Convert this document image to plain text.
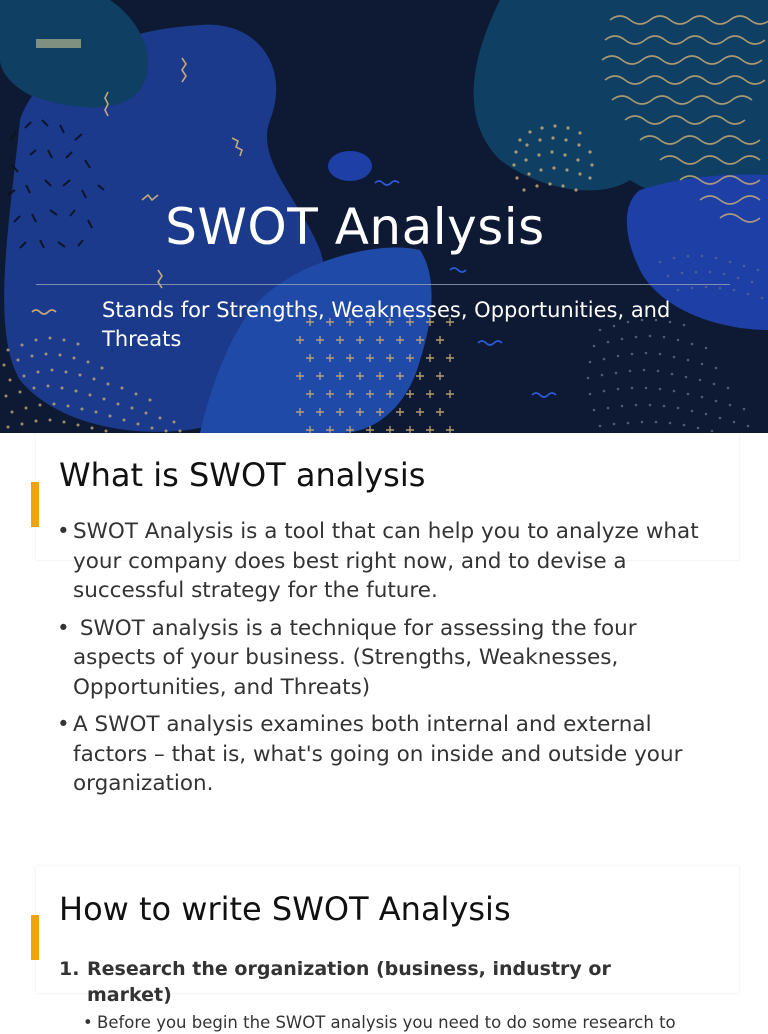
SWOT Analysis
Stands for Strengths, Weaknesses, Opportunities, and Threats
What is SWOT analysis
• SWOT Analysis is a tool that can help you to analyze what your company does best right now, and to devise a successful strategy for the future.
• SWOT analysis is a technique for assessing the four aspects of your business. (Strengths, Weaknesses, Opportunities, and Threats)
• A SWOT analysis examines both internal and external factors – that is, what's going on inside and outside your organization.
How to write SWOT Analysis
1. Research the organization (business, industry or market)
• Before you begin the SWOT analysis you need to do some research to
